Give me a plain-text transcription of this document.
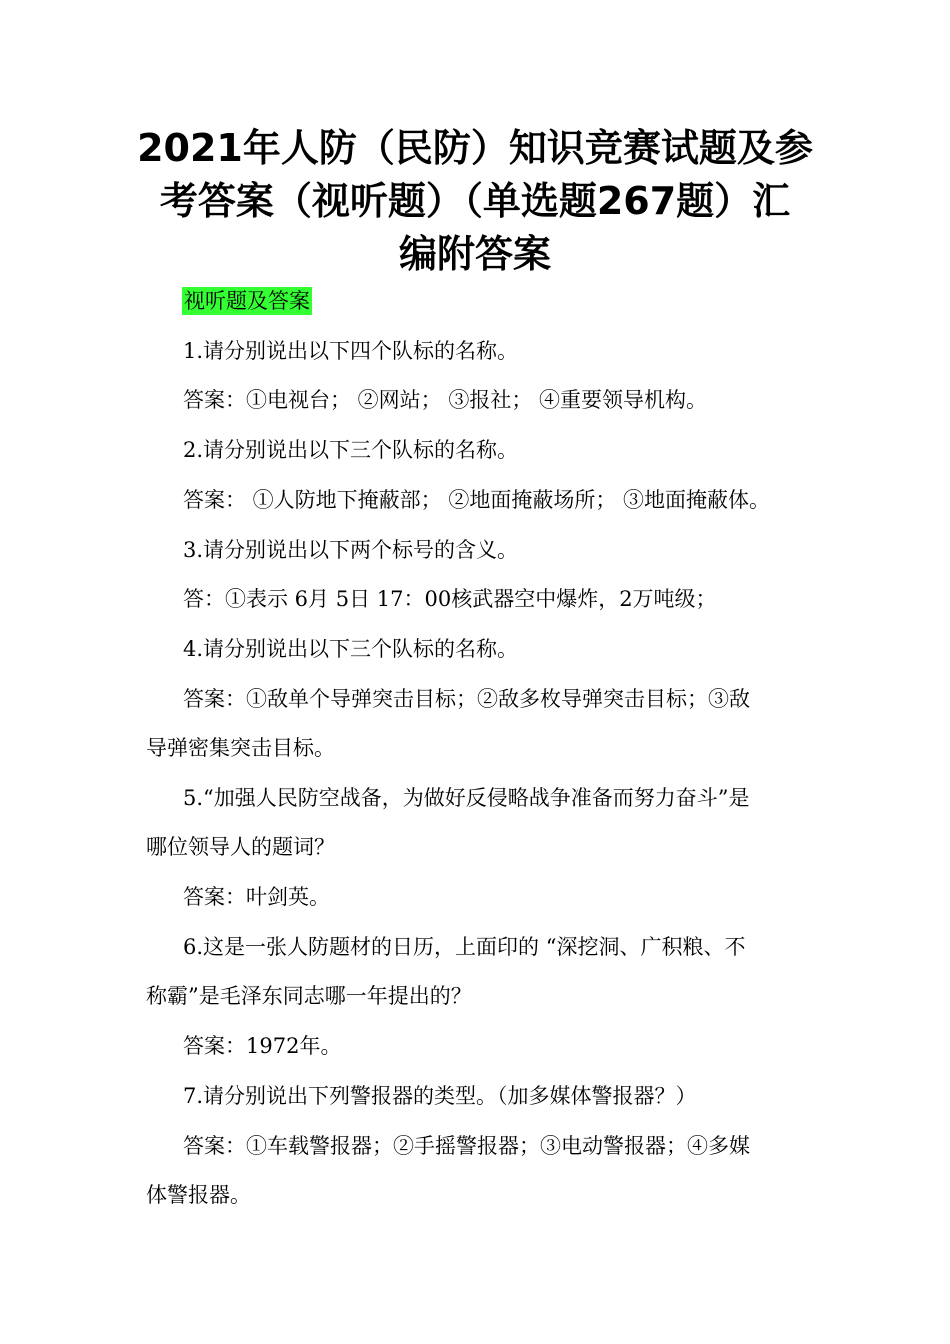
2021年人防（民防）知识竞赛试题及参
考答案（视听题）（单选题267题）汇
编附答案
视听题及答案
1.请分别说出以下四个队标的名称。
答案：①电视台； ②网站； ③报社； ④重要领导机构。
2.请分别说出以下三个队标的名称。
答案： ①人防地下掩蔽部； ②地面掩蔽场所； ③地面掩蔽体。
3.请分别说出以下两个标号的含义。
答：①表示 6月 5日 17：00核武器空中爆炸，2万吨级；
4.请分别说出以下三个队标的名称。
答案：①敌单个导弹突击目标；②敌多枚导弹突击目标；③敌
导弹密集突击目标。
5.“加强人民防空战备，为做好反侵略战争准备而努力奋斗”是
哪位领导人的题词？
答案：叶剑英。
6.这是一张人防题材的日历，上面印的 “深挖洞、广积粮、不
称霸”是毛泽东同志哪一年提出的？
答案：1972年。
7.请分别说出下列警报器的类型。（加多媒体警报器？）
答案：①车载警报器；②手摇警报器；③电动警报器；④多媒
体警报器。
